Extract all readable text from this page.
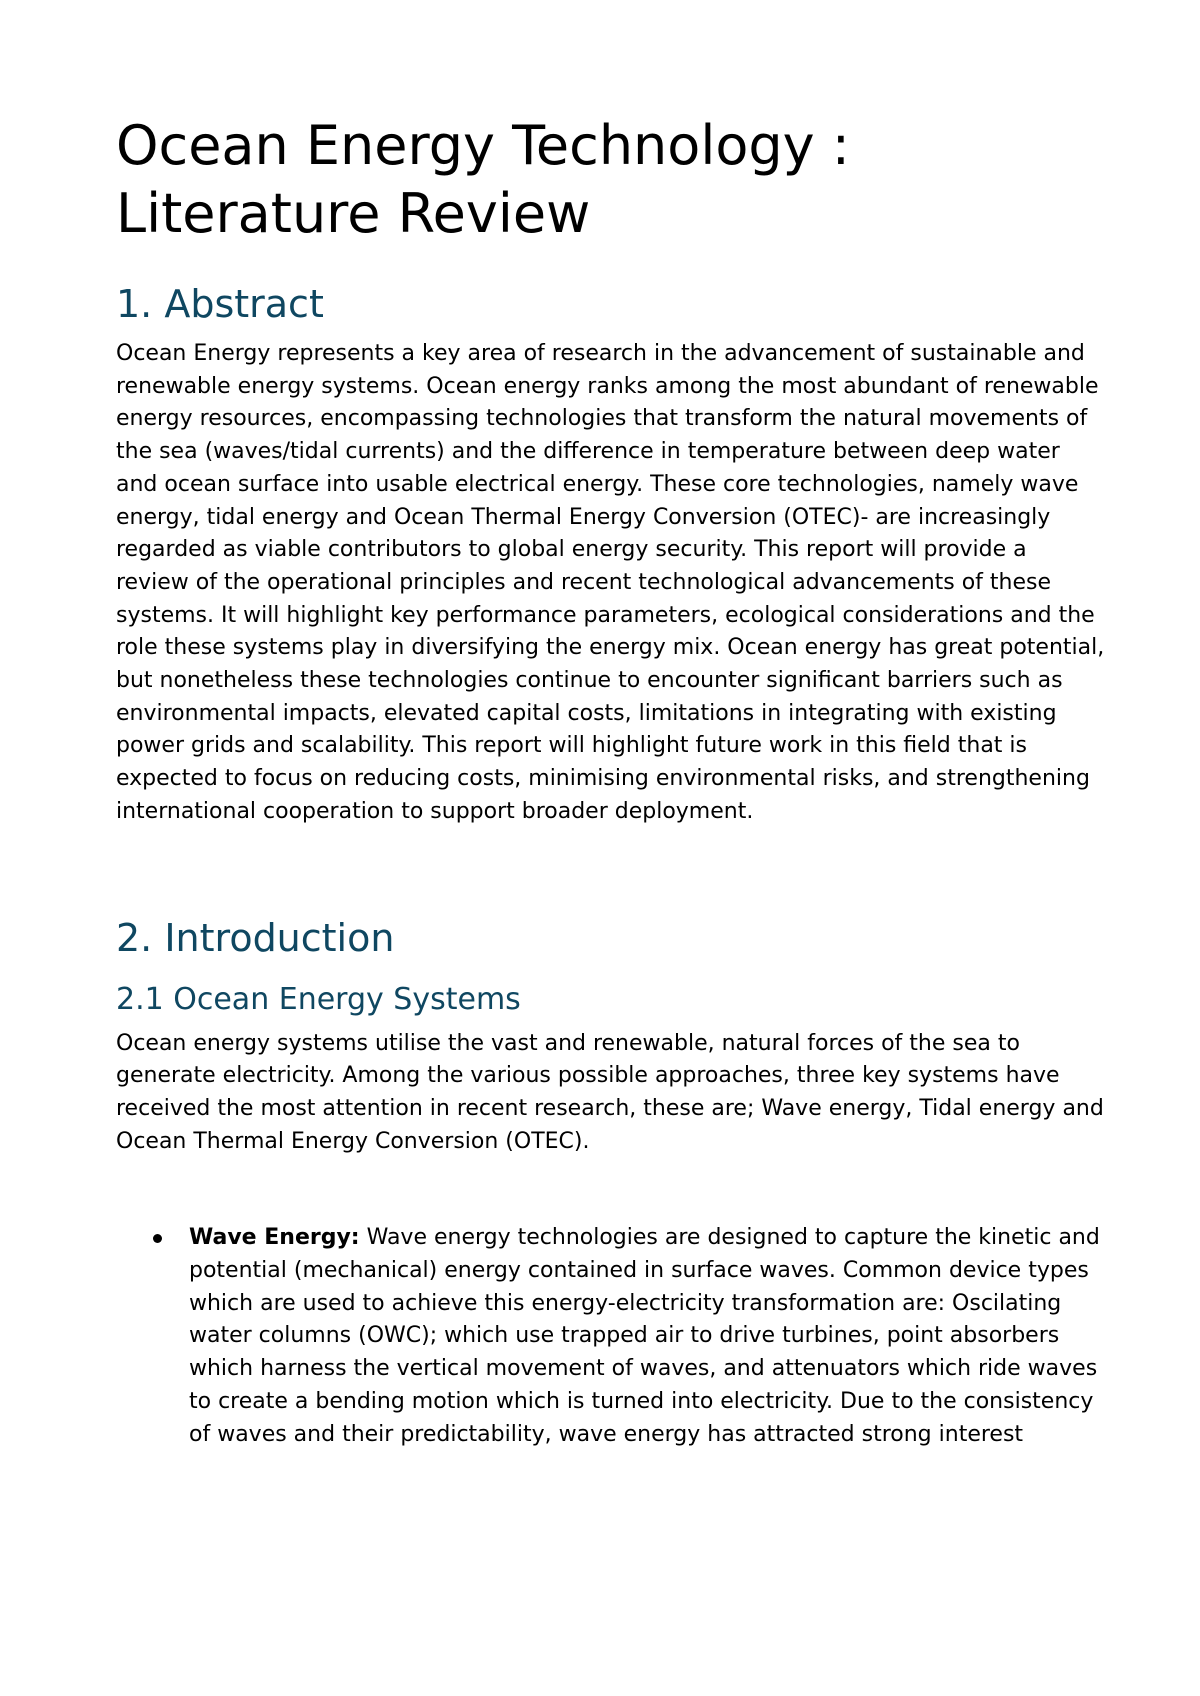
Ocean Energy Technology :
Literature Review
1. Abstract

Ocean Energy represents a key area of research in the advancement of sustainable and renewable energy systems. Ocean energy ranks among the most abundant of renewable energy resources, encompassing technologies that transform the natural movements of the sea (waves/tidal currents) and the difference in temperature between deep water and ocean surface into usable electrical energy. These core technologies, namely wave energy, tidal energy and Ocean Thermal Energy Conversion (OTEC)- are increasingly regarded as viable contributors to global energy security. This report will provide a review of the operational principles and recent technological advancements of these systems. It will highlight key performance parameters, ecological considerations and the role these systems play in diversifying the energy mix. Ocean energy has great potential, but nonetheless these technologies continue to encounter significant barriers such as environmental impacts, elevated capital costs, limitations in integrating with existing power grids and scalability. This report will highlight future work in this field that is expected to focus on reducing costs, minimising environmental risks, and strengthening international cooperation to support broader deployment.

2. Introduction
2.1 Ocean Energy Systems

Ocean energy systems utilise the vast and renewable, natural forces of the sea to generate electricity. Among the various possible approaches, three key systems have received the most attention in recent research, these are; Wave energy, Tidal energy and Ocean Thermal Energy Conversion (OTEC).

Wave Energy: Wave energy technologies are designed to capture the kinetic and potential (mechanical) energy contained in surface waves. Common device types which are used to achieve this energy-electricity transformation are: Oscilating water columns (OWC); which use trapped air to drive turbines, point absorbers which harness the vertical movement of waves, and attenuators which ride waves to create a bending motion which is turned into electricity. Due to the consistency of waves and their predictability, wave energy has attracted strong interest
